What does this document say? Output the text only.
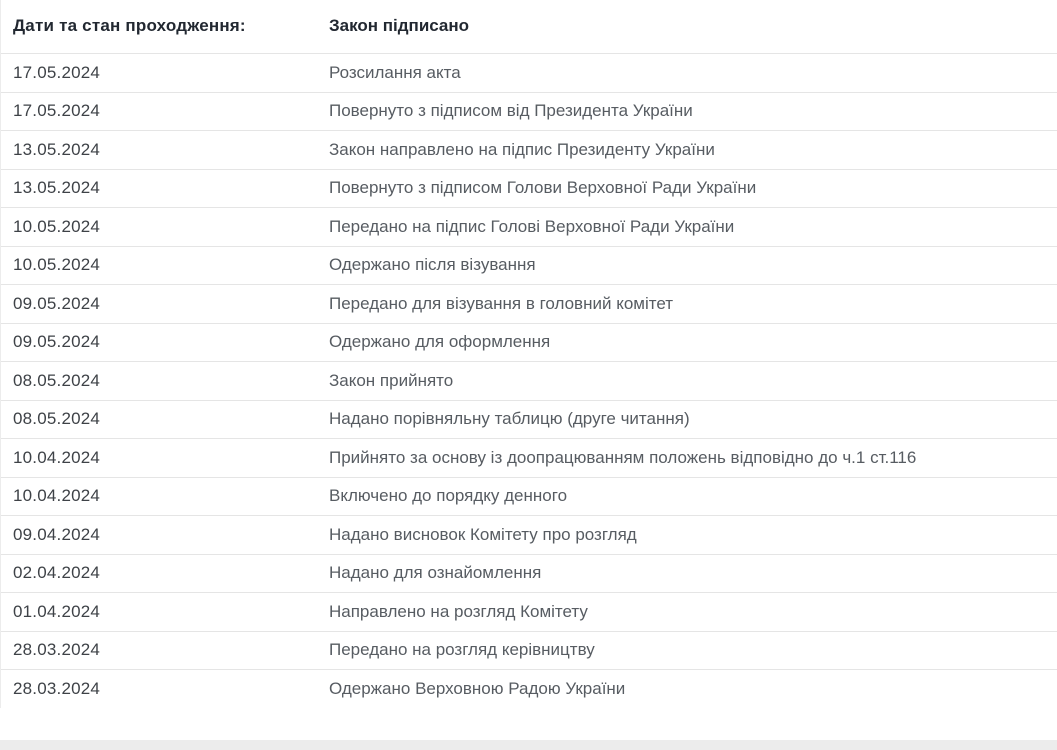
Дати та стан проходження:	Закон підписано
17.05.2024	Розсилання акта
17.05.2024	Повернуто з підписом від Президента України
13.05.2024	Закон направлено на підпис Президенту України
13.05.2024	Повернуто з підписом Голови Верховної Ради України
10.05.2024	Передано на підпис Голові Верховної Ради України
10.05.2024	Одержано після візування
09.05.2024	Передано для візування в головний комітет
09.05.2024	Одержано для оформлення
08.05.2024	Закон прийнято
08.05.2024	Надано порівняльну таблицю (друге читання)
10.04.2024	Прийнято за основу із доопрацюванням положень відповідно до ч.1 ст.116
10.04.2024	Включено до порядку денного
09.04.2024	Надано висновок Комітету про розгляд
02.04.2024	Надано для ознайомлення
01.04.2024	Направлено на розгляд Комітету
28.03.2024	Передано на розгляд керівництву
28.03.2024	Одержано Верховною Радою України
